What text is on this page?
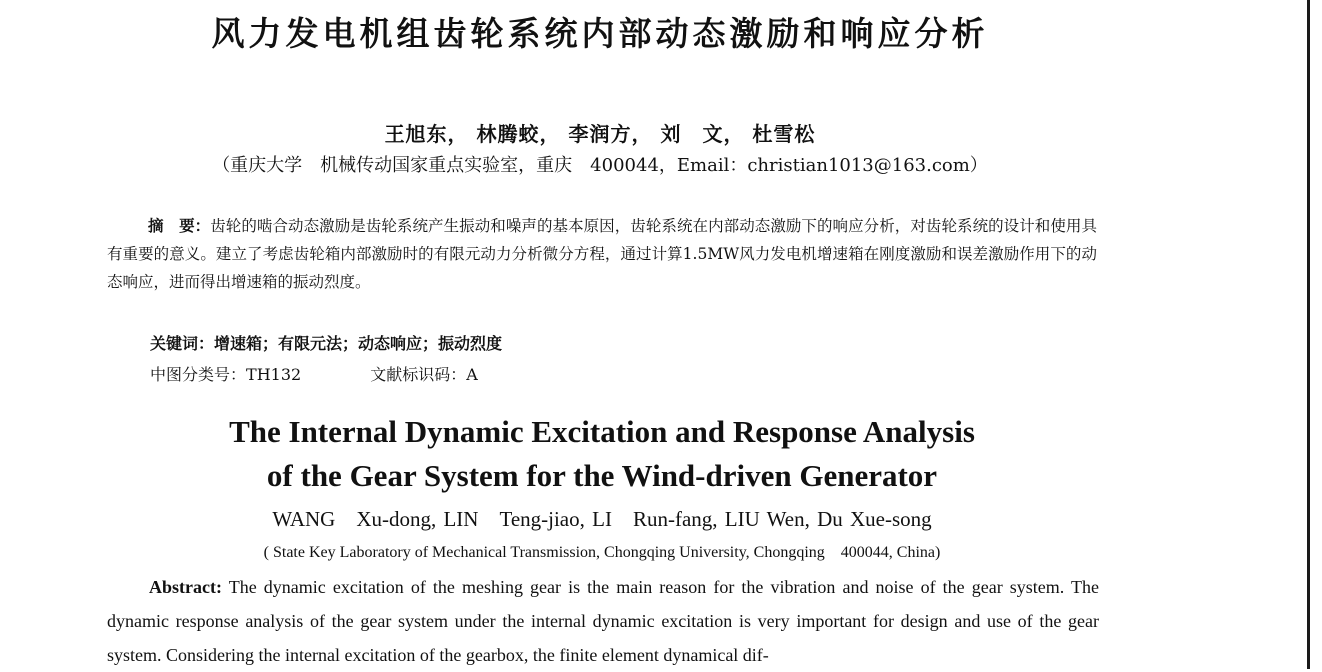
风力发电机组齿轮系统内部动态激励和响应分析
王旭东， 林腾蛟， 李润方， 刘　文， 杜雪松
（重庆大学　机械传动国家重点实验室，重庆　400044，Email：christian1013@163.com）
摘　要：齿轮的啮合动态激励是齿轮系统产生振动和噪声的基本原因，齿轮系统在内部动态激励下的响应分析，对齿轮系统的设计和使用具有重要的意义。建立了考虑齿轮箱内部激励时的有限元动力分析微分方程，通过计算1.5MW风力发电机增速箱在刚度激励和误差激励作用下的动态响应，进而得出增速箱的振动烈度。
关键词：增速箱；有限元法；动态响应；振动烈度
中图分类号：TH132	文献标识码：A
The Internal Dynamic Excitation and Response Analysis
of the Gear System for the Wind-driven Generator
WANG　Xu-dong, LIN　Teng-jiao, LI　Run-fang, LIU Wen, Du Xue-song
( State Key Laboratory of Mechanical Transmission, Chongqing University, Chongqing　400044, China)
Abstract: The dynamic excitation of the meshing gear is the main reason for the vibration and noise of the gear system. The dynamic response analysis of the gear system under the internal dynamic excitation is very important for design and use of the gear system. Considering the internal excitation of the gearbox, the finite element dynamical dif-
